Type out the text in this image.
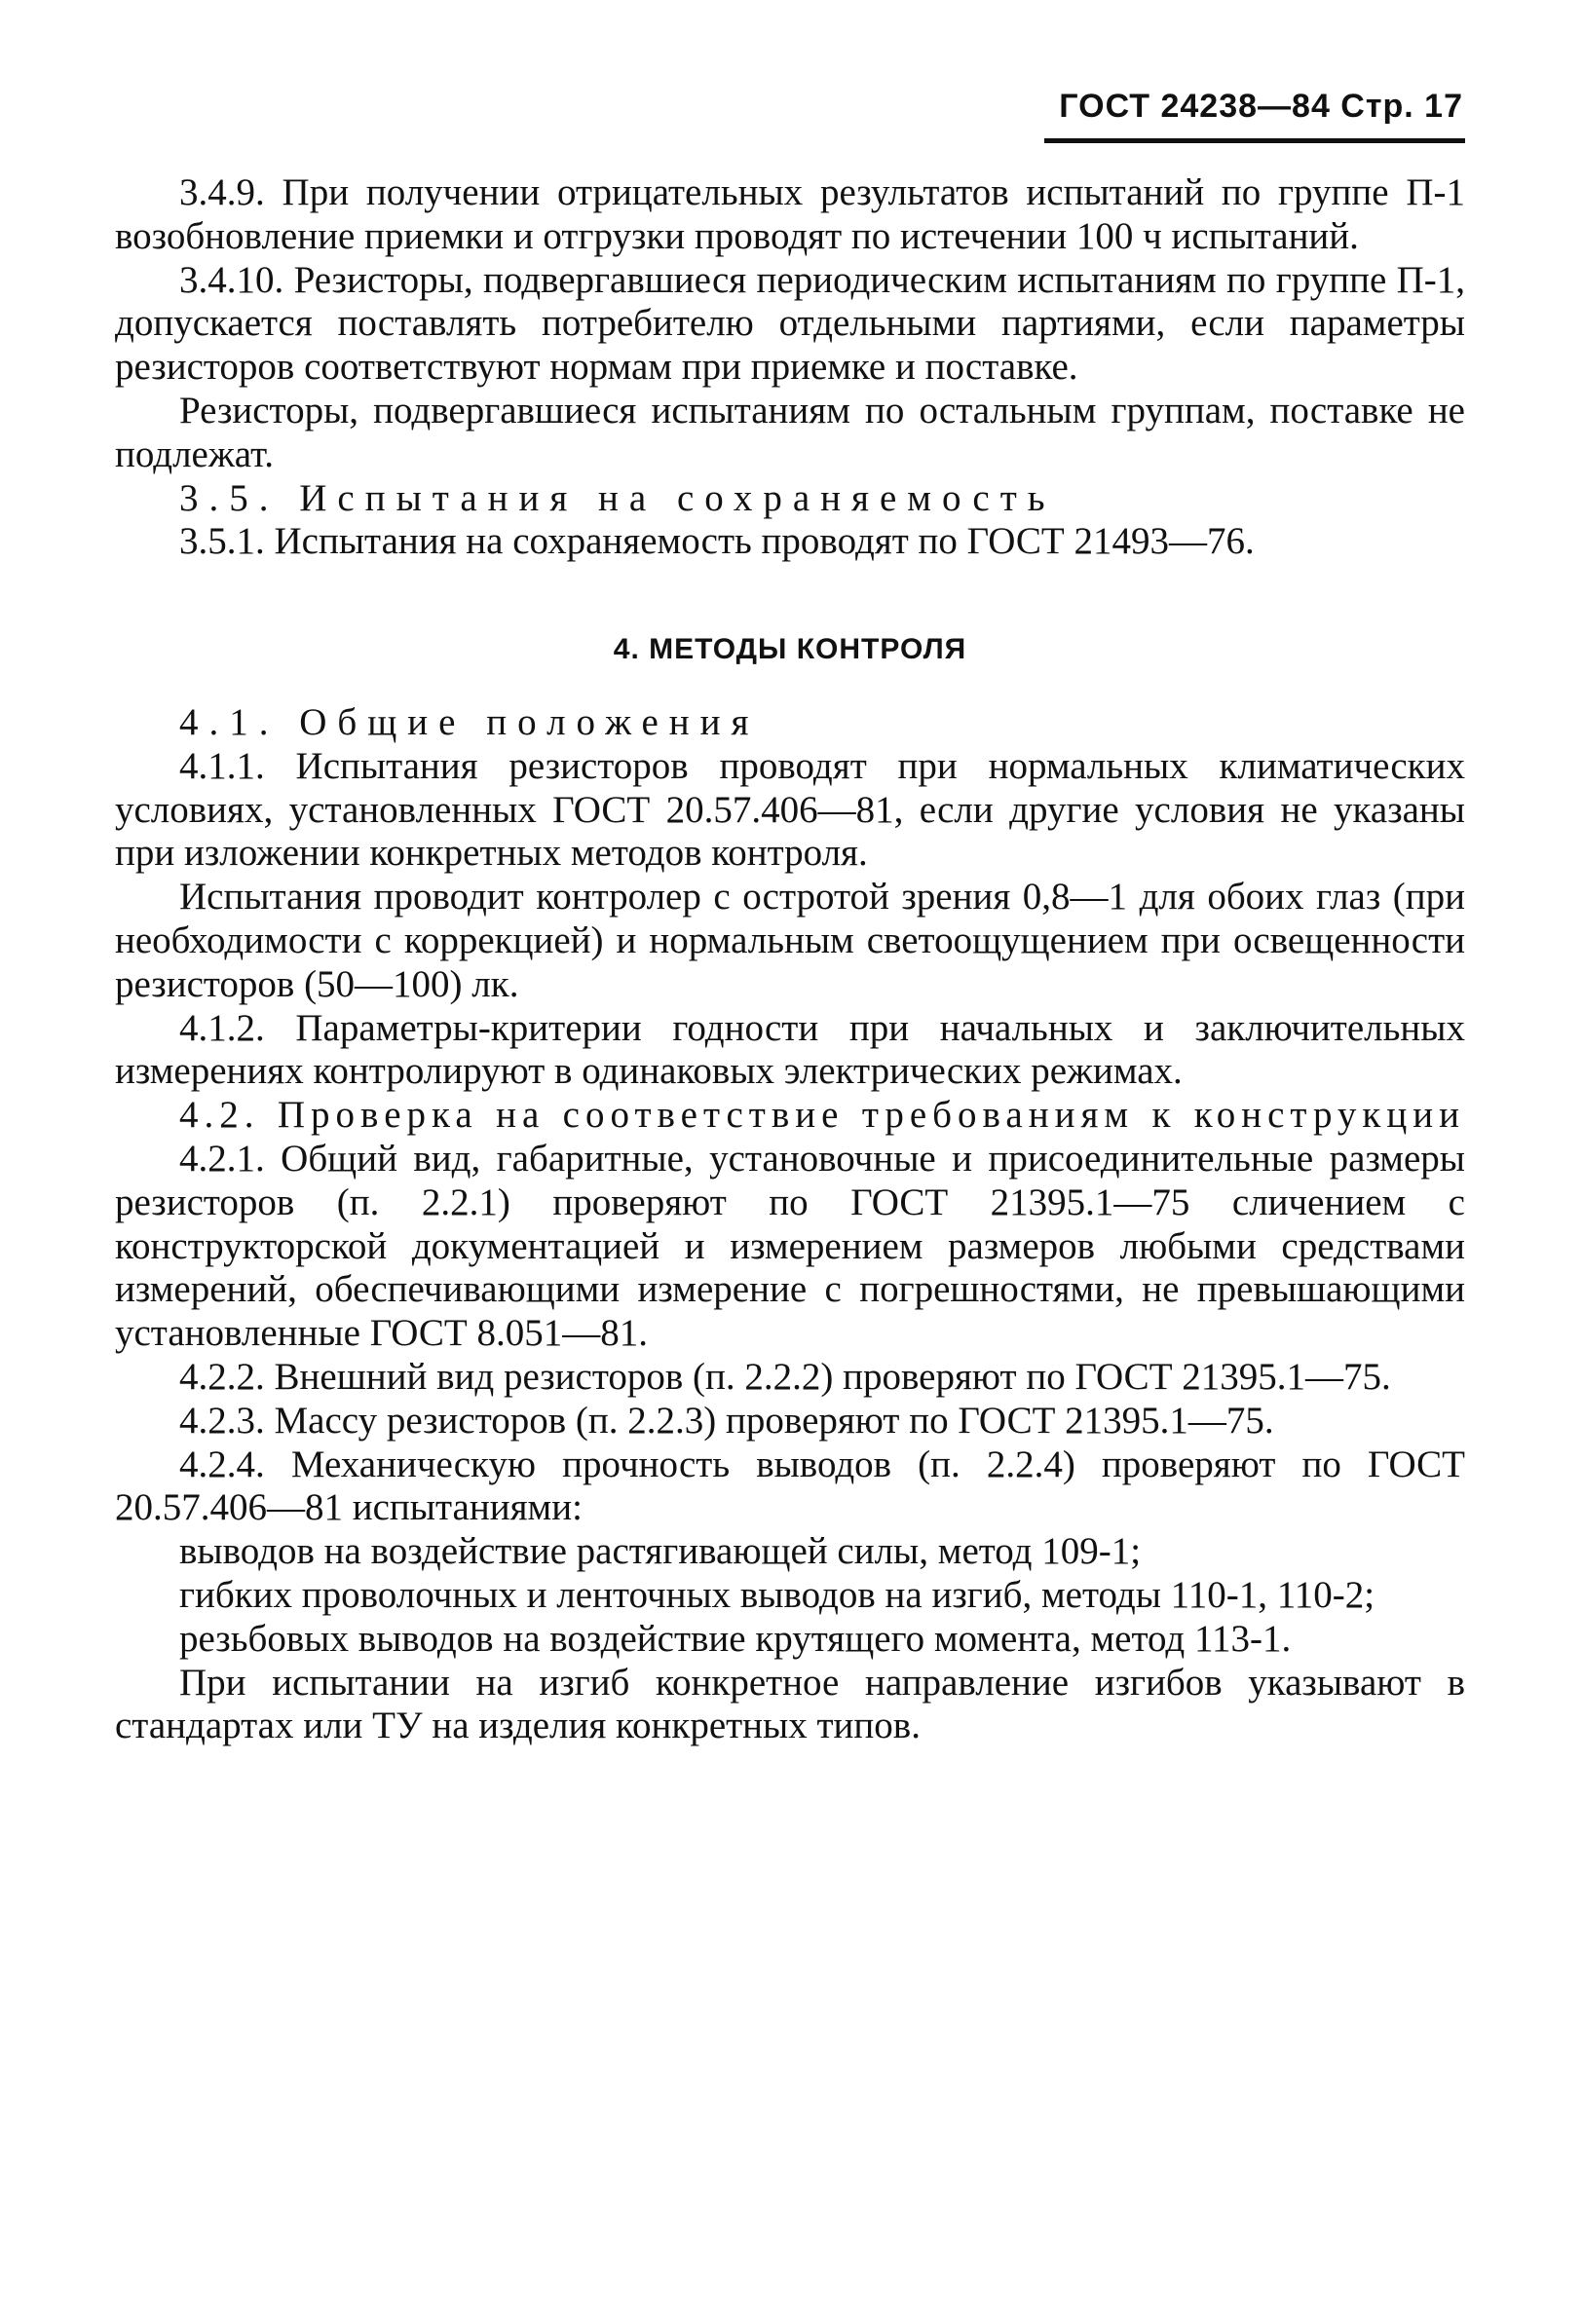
ГОСТ 24238—84 Стр. 17

3.4.9. При получении отрицательных результатов испытаний по группе П-1 возобновление приемки и отгрузки проводят по истечении 100 ч испытаний.

3.4.10. Резисторы, подвергавшиеся периодическим испытаниям по группе П-1, допускается поставлять потребителю отдельными партиями, если параметры резисторов соответствуют нормам при приемке и поставке.

Резисторы, подвергавшиеся испытаниям по остальным группам, поставке не подлежат.

3.5. Испытания на сохраняемость

3.5.1. Испытания на сохраняемость проводят по ГОСТ 21493—76.

4. МЕТОДЫ КОНТРОЛЯ

4.1. Общие положения

4.1.1. Испытания резисторов проводят при нормальных климатических условиях, установленных ГОСТ 20.57.406—81, если другие условия не указаны при изложении конкретных методов контроля.

Испытания проводит контролер с остротой зрения 0,8—1 для обоих глаз (при необходимости с коррекцией) и нормальным светоощущением при освещенности резисторов (50—100) лк.

4.1.2. Параметры-критерии годности при начальных и заключительных измерениях контролируют в одинаковых электрических режимах.

4.2. Проверка на соответствие требованиям к конструкции

4.2.1. Общий вид, габаритные, установочные и присоединительные размеры резисторов (п. 2.2.1) проверяют по ГОСТ 21395.1—75 сличением с конструкторской документацией и измерением размеров любыми средствами измерений, обеспечивающими измерение с погрешностями, не превышающими установленные ГОСТ 8.051—81.

4.2.2. Внешний вид резисторов (п. 2.2.2) проверяют по ГОСТ 21395.1—75.

4.2.3. Массу резисторов (п. 2.2.3) проверяют по ГОСТ 21395.1—75.

4.2.4. Механическую прочность выводов (п. 2.2.4) проверяют по ГОСТ 20.57.406—81 испытаниями:

выводов на воздействие растягивающей силы, метод 109-1;

гибких проволочных и ленточных выводов на изгиб, методы 110-1, 110-2;

резьбовых выводов на воздействие крутящего момента, метод 113-1.

При испытании на изгиб конкретное направление изгибов указывают в стандартах или ТУ на изделия конкретных типов.
